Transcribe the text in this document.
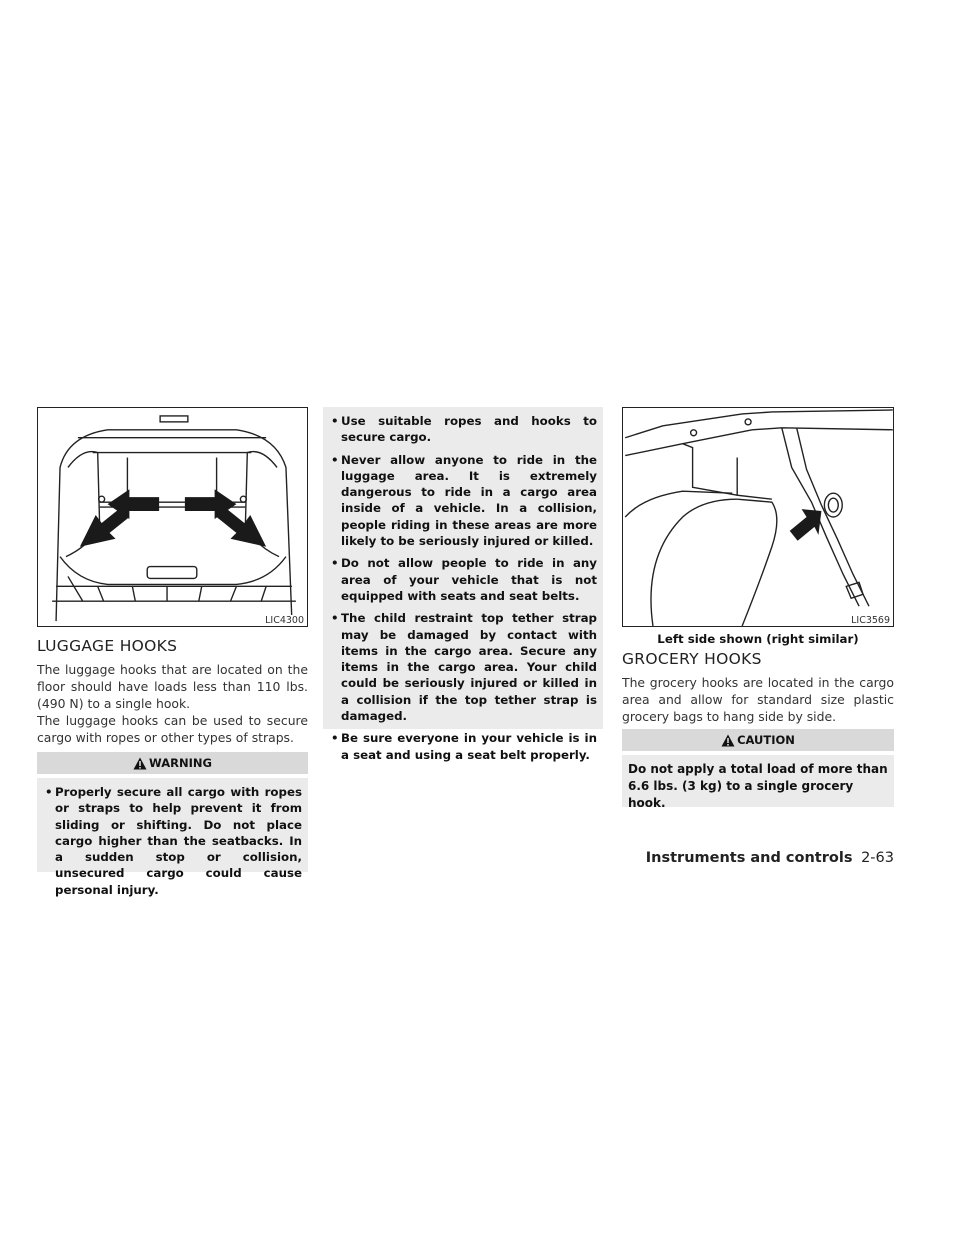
LIC4300
LUGGAGE HOOKS

The luggage hooks that are located on the floor should have loads less than 110 lbs. (490 N) to a single hook.

The luggage hooks can be used to secure cargo with ropes or other types of straps.

WARNING
• Properly secure all cargo with ropes or straps to help prevent it from sliding or shifting. Do not place cargo higher than the seatbacks. In a sudden stop or collision, unsecured cargo could cause personal injury.
• Use suitable ropes and hooks to secure cargo.
• Never allow anyone to ride in the luggage area. It is extremely dangerous to ride in a cargo area inside of a vehicle. In a collision, people riding in these areas are more likely to be seriously injured or killed.
• Do not allow people to ride in any area of your vehicle that is not equipped with seats and seat belts.
• The child restraint top tether strap may be damaged by contact with items in the cargo area. Secure any items in the cargo area. Your child could be seriously injured or killed in a collision if the top tether strap is damaged.
• Be sure everyone in your vehicle is in a seat and using a seat belt properly.
LIC3569
Left side shown (right similar)
GROCERY HOOKS

The grocery hooks are located in the cargo area and allow for standard size plastic grocery bags to hang side by side.

CAUTION

Do not apply a total load of more than 6.6 lbs. (3 kg) to a single grocery hook.

Instruments and controls 2-63
